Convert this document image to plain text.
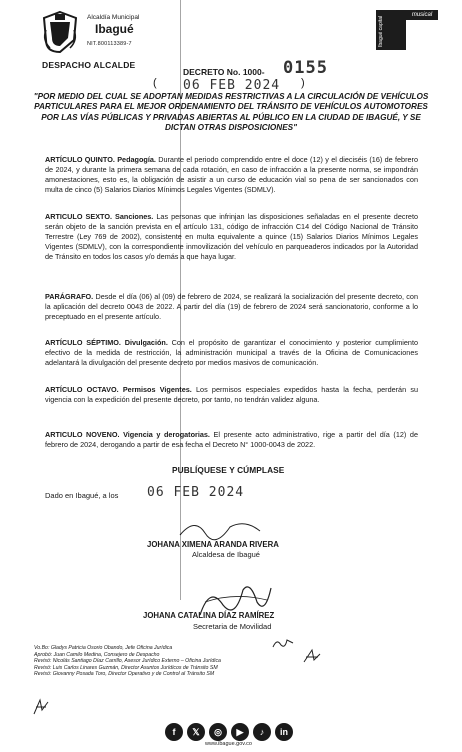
Alcaldía Municipal
Ibagué
NIT.800113389-7
DESPACHO ALCALDE
musical
Ibagué capital
DECRETO No. 1000- 0155
( 06 FEB 2024 )

"POR MEDIO DEL CUAL SE ADOPTAN MEDIDAS RESTRICTIVAS A LA CIRCULACIÓN DE VEHÍCULOS PARTICULARES PARA EL MEJOR ORDENAMIENTO DEL TRÁNSITO DE VEHÍCULOS AUTOMOTORES POR LAS VÍAS PÚBLICAS Y PRIVADAS ABIERTAS AL PÚBLICO EN LA CIUDAD DE IBAGUÉ, Y SE DICTAN OTRAS DISPOSICIONES"

ARTÍCULO QUINTO. Pedagogía. Durante el periodo comprendido entre el doce (12) y el dieciséis (16) de febrero de 2024, y durante la primera semana de cada rotación, en caso de infracción a la presente norma, se impondrán amonestaciones, esto es, la obligación de asistir a un curso de educación vial so pena de ser sancionados con multa de cinco (5) Salarios Diarios Mínimos Legales Vigentes (SDMLV).

ARTICULO SEXTO. Sanciones. Las personas que infrinjan las disposiciones señaladas en el presente decreto serán objeto de la sanción prevista en el artículo 131, código de infracción C14 del Código Nacional de Tránsito Terrestre (Ley 769 de 2002), consistente en multa equivalente a quince (15) Salarios Diarios Mínimos Legales Vigentes (SDMLV), con la correspondiente inmovilización del vehículo en parqueaderos indicados por la Autoridad de Tránsito en todos los casos y/o demás a que haya lugar.

PARÁGRAFO. Desde el día (06) al (09) de febrero de 2024, se realizará la socialización del presente decreto, con la aplicación del decreto 0043 de 2022. A partir del día (19) de febrero de 2024 será sancionatorio, conforme a lo preceptuado en el presente artículo.

ARTÍCULO SÉPTIMO. Divulgación. Con el propósito de garantizar el conocimiento y posterior cumplimiento efectivo de la medida de restricción, la administración municipal a través de la Oficina de Comunicaciones adelantará la divulgación del presente decreto por medios masivos de comunicación.

ARTÍCULO OCTAVO. Permisos Vigentes. Los permisos especiales expedidos hasta la fecha, perderán su vigencia con la expedición del presente decreto, por tanto, no tendrán validez alguna.

ARTICULO NOVENO. Vigencia y derogatorias. El presente acto administrativo, rige a partir del día (12) de febrero de 2024, derogando a partir de esa fecha el Decreto N° 1000-0043 de 2022.

PUBLÍQUESE Y CÚMPLASE
Dado en Ibagué, a los 06 FEB 2024
JOHANA XIMENA ARANDA RIVERA
Alcaldesa de Ibagué
JOHANA CATALINA DÍAZ RAMÍREZ
Secretaria de Movilidad
Vo.Bo: Gladys Patricia Osorio Obando, Jefe Oficina Jurídica
Aprobó: Juan Camilo Medina, Consejero de Despacho
Revisó: Nicolás Santiago Díaz Carrillo, Asesor Jurídico Externo – Oficina Jurídica
Revisó: Luis Carlos Linares Guzmán, Director Asuntos Jurídicos de Tránsito SM
Revisó: Giovanny Posada Toro, Director Operativo y de Control al Tránsito SM
f	𝕏	◎	▶	♪	in
www.ibague.gov.co
